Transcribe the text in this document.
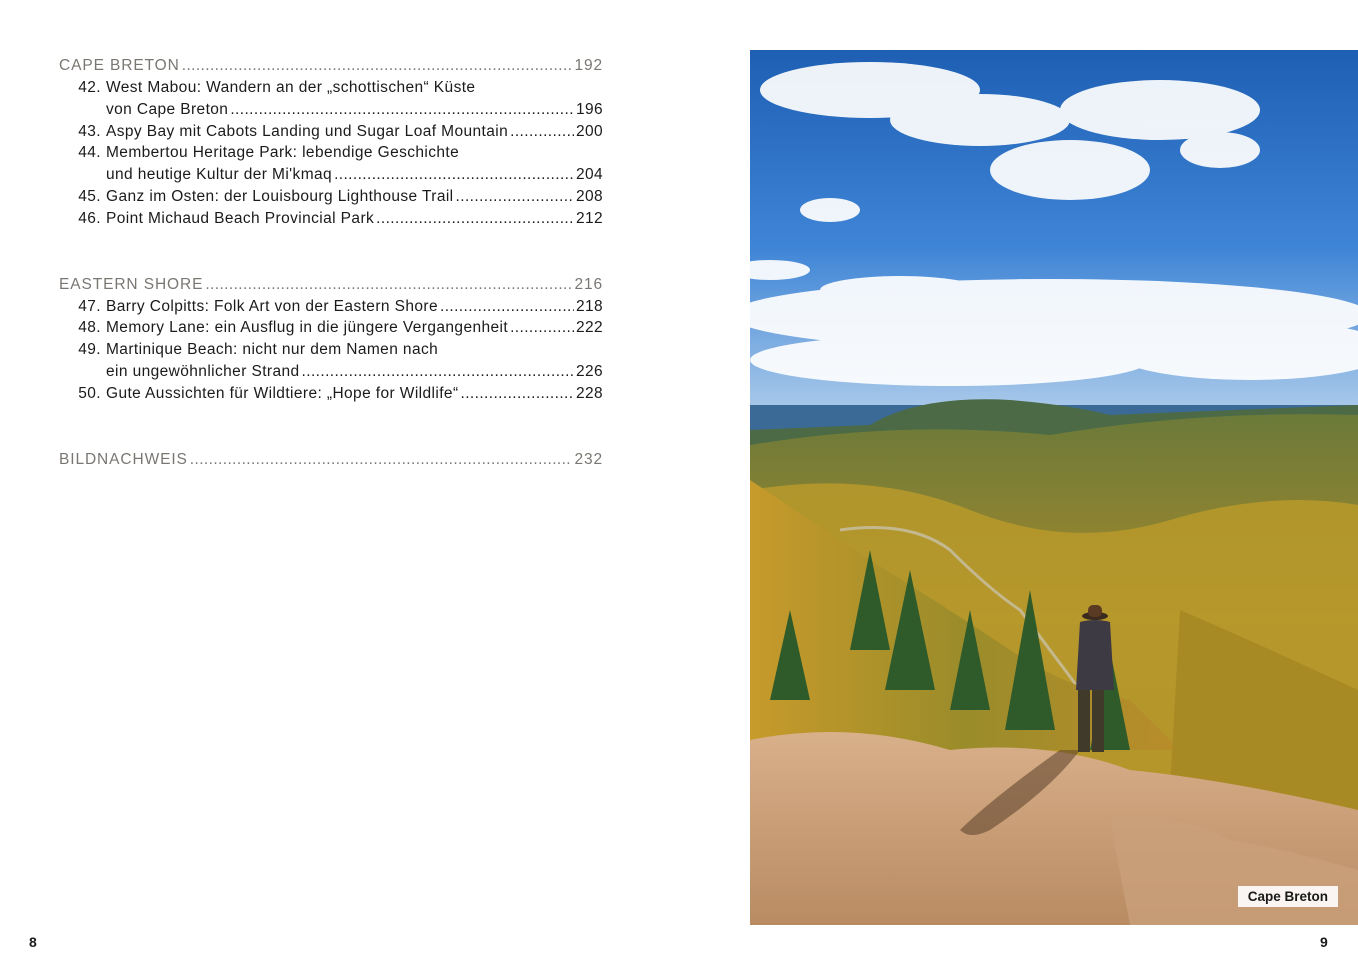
CAPE BRETON .....	192
42. West Mabou: Wandern an der „schottischen“ Küste
von Cape Breton .....	196
43. Aspy Bay mit Cabots Landing und Sugar Loaf Mountain .....	200
44. Membertou Heritage Park: lebendige Geschichte
und heutige Kultur der Mi'kmaq .....	204
45. Ganz im Osten: der Louisbourg Lighthouse Trail .....	208
46. Point Michaud Beach Provincial Park .....	212
EASTERN SHORE .....	216
47. Barry Colpitts: Folk Art von der Eastern Shore .....	218
48. Memory Lane: ein Ausflug in die jüngere Vergangenheit .....	222
49. Martinique Beach: nicht nur dem Namen nach
ein ungewöhnlicher Strand .....	226
50. Gute Aussichten für Wildtiere: „Hope for Wildlife“ .....	228
BILDNACHWEIS .....	232
8
Cape Breton
9
